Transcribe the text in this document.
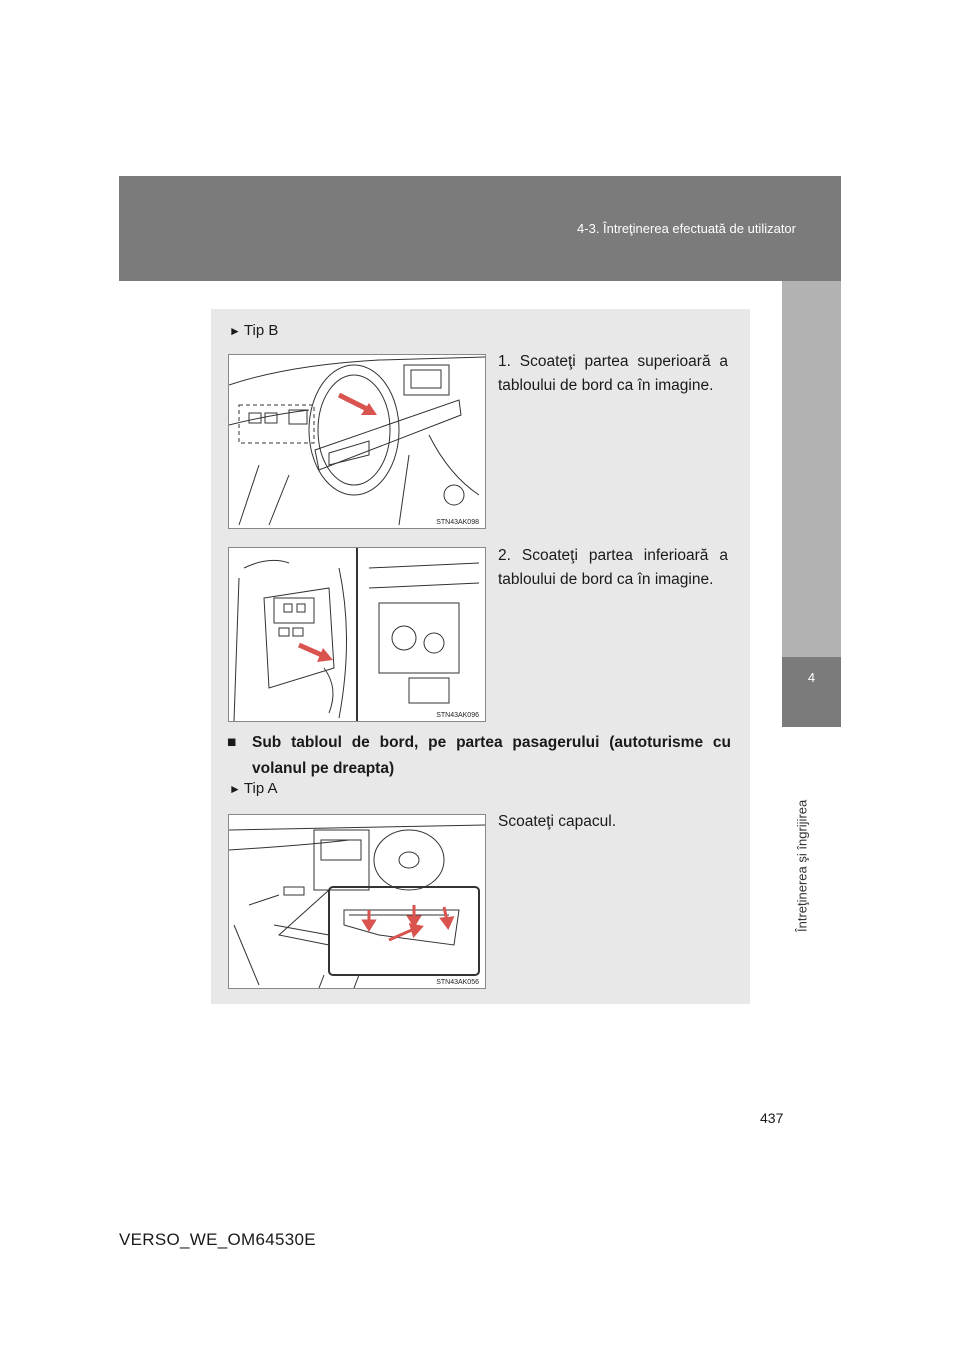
4-3. Întreţinerea efectuată de utilizator
4
Întreţinerea şi îngrijirea
► Tip B
STN43AK098
1. Scoateţi partea superioară a tabloului de bord ca în imagine.
STN43AK096
2. Scoateţi partea inferioară a tabloului de bord ca în imagine.
■ Sub tabloul de bord, pe partea pasagerului (autoturisme cu volanul pe dreapta)
► Tip A
STN43AK056
Scoateţi capacul.
437
VERSO_WE_OM64530E
